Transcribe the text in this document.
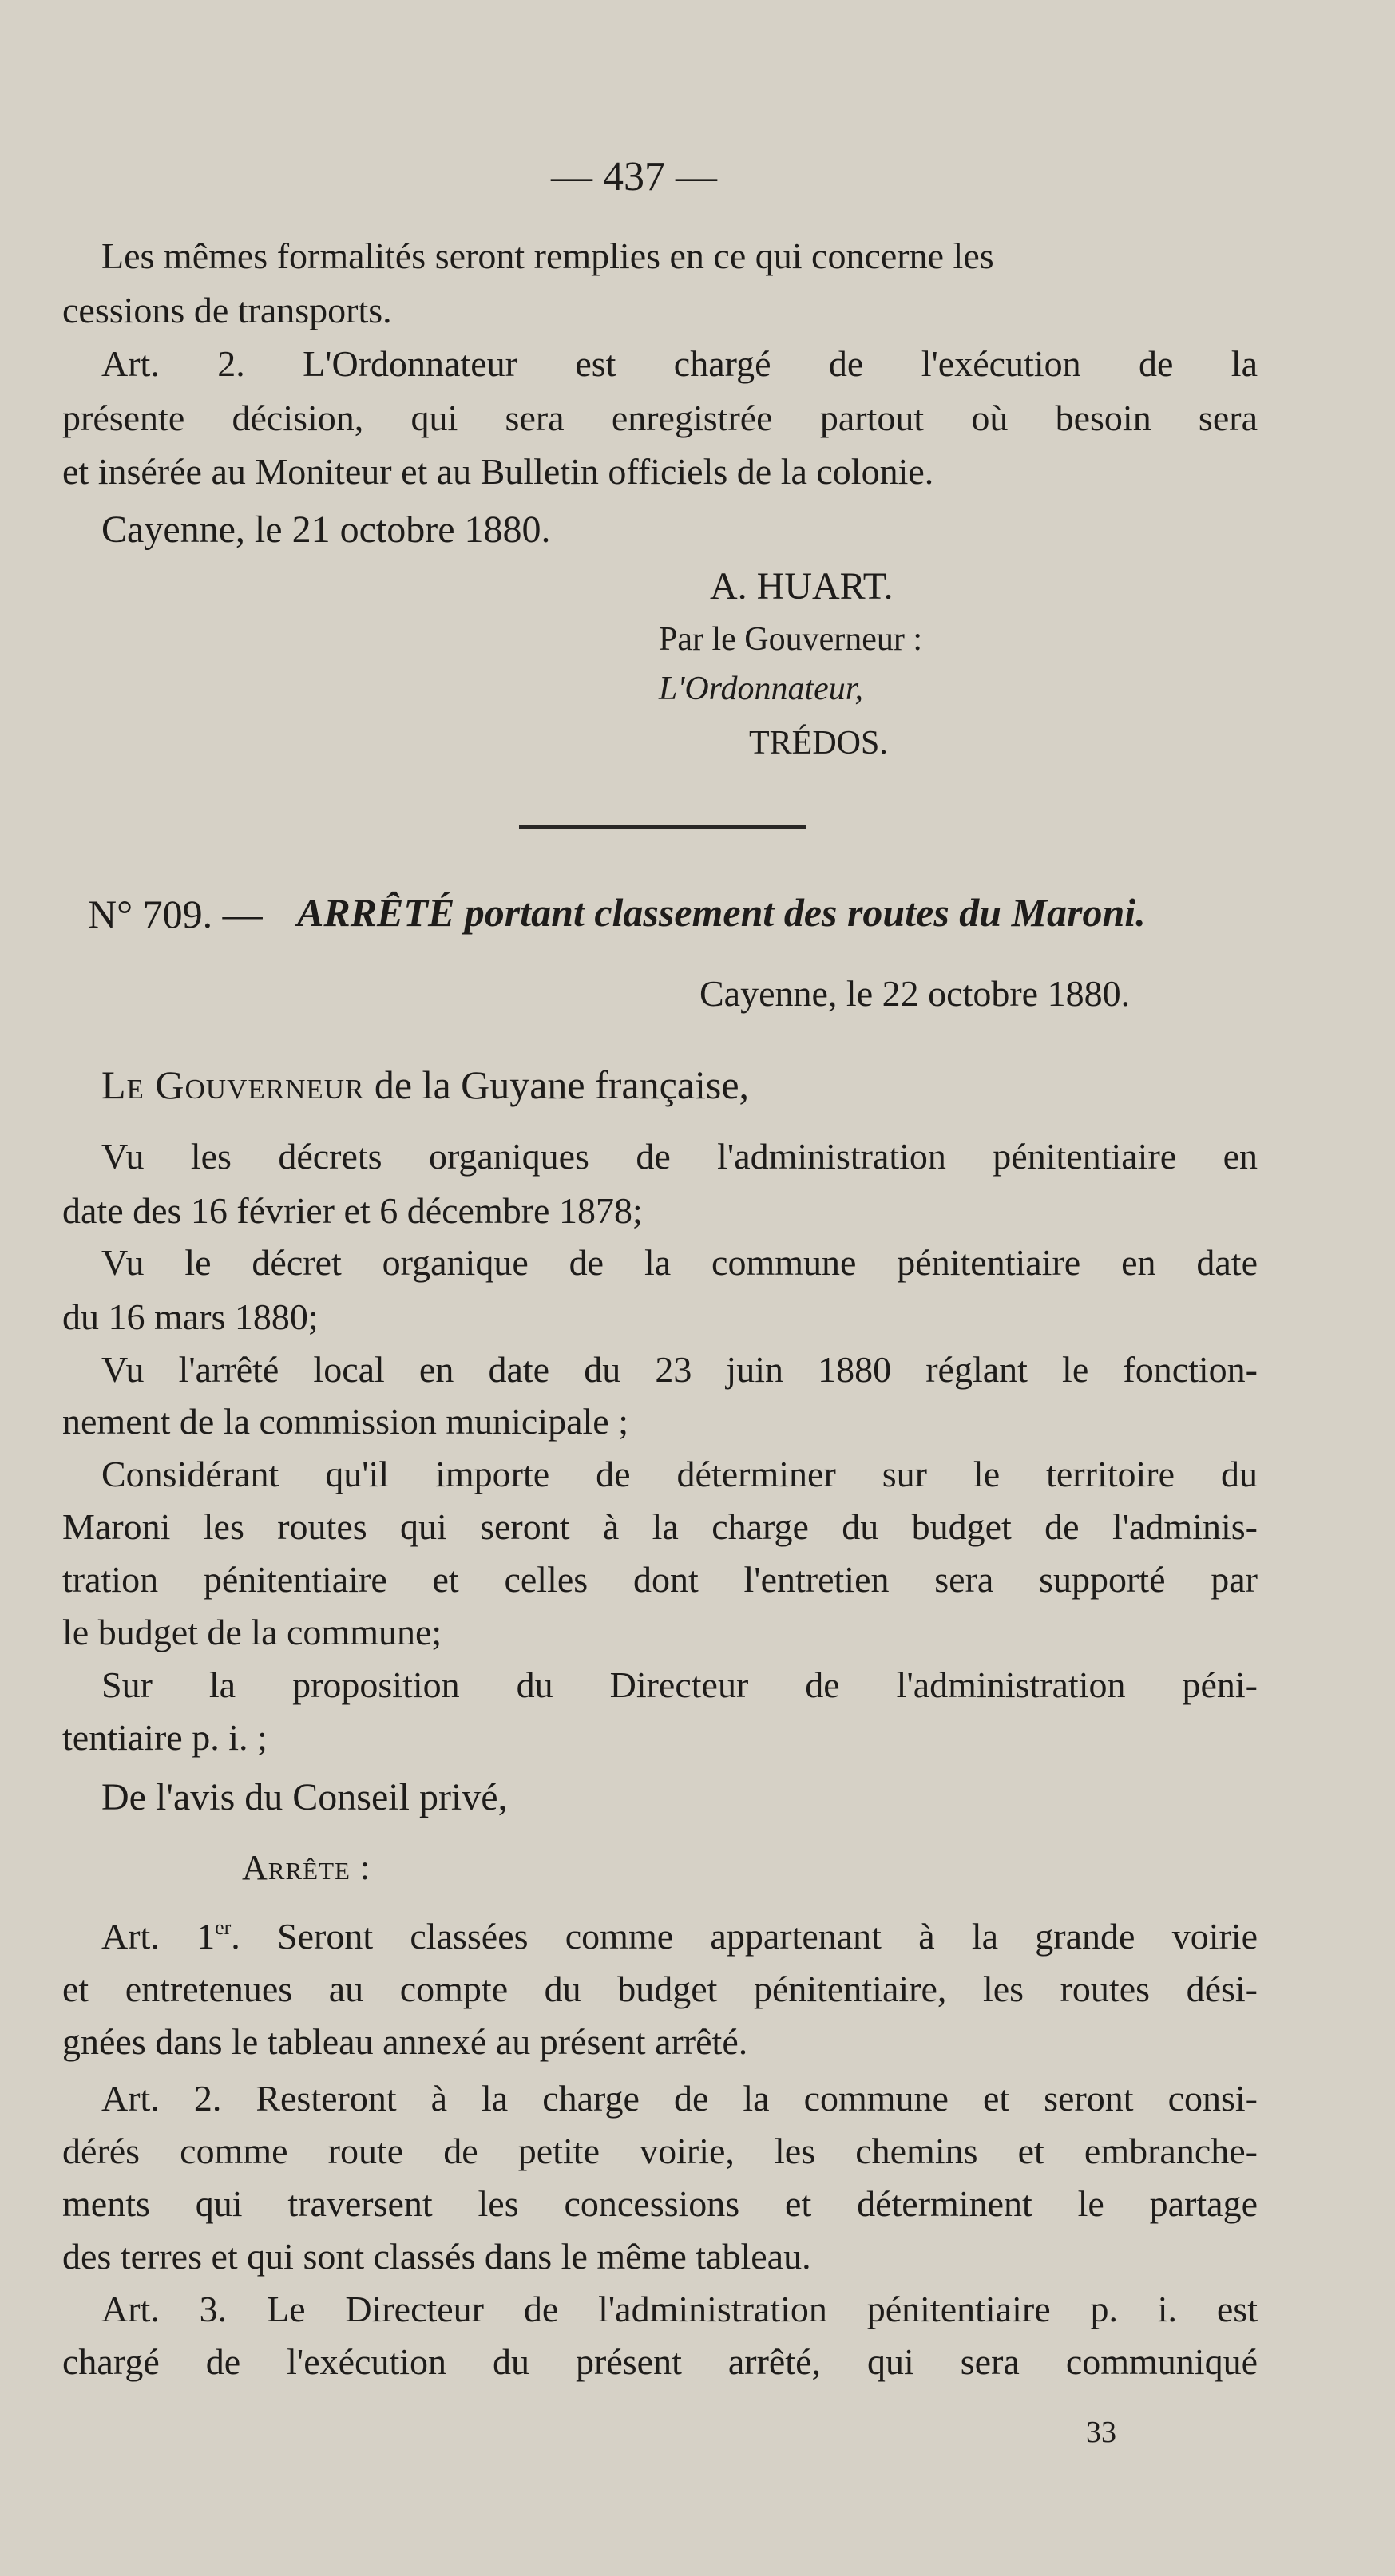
— 437 —
Les mêmes formalités seront remplies en ce qui concerne les
cessions de transports.
Art. 2. L'Ordonnateur est chargé de l'exécution de la
présente décision, qui sera enregistrée partout où besoin sera
et insérée au Moniteur et au Bulletin officiels de la colonie.
Cayenne, le 21 octobre 1880.
A. HUART.
Par le Gouverneur :
L'Ordonnateur,
TRÉDOS.
N° 709. — ARRÊTÉ portant classement des routes du Maroni.
Cayenne, le 22 octobre 1880.
Le Gouverneur de la Guyane française,
Vu les décrets organiques de l'administration pénitentiaire en
date des 16 février et 6 décembre 1878;
Vu le décret organique de la commune pénitentiaire en date
du 16 mars 1880;
Vu l'arrêté local en date du 23 juin 1880 réglant le fonction-
nement de la commission municipale ;
Considérant qu'il importe de déterminer sur le territoire du
Maroni les routes qui seront à la charge du budget de l'adminis-
tration pénitentiaire et celles dont l'entretien sera supporté par
le budget de la commune;
Sur la proposition du Directeur de l'administration péni-
tentiaire p. i. ;
De l'avis du Conseil privé,
Arrête :
Art. 1er. Seront classées comme appartenant à la grande voirie
et entretenues au compte du budget pénitentiaire, les routes dési-
gnées dans le tableau annexé au présent arrêté.
Art. 2. Resteront à la charge de la commune et seront consi-
dérés comme route de petite voirie, les chemins et embranche-
ments qui traversent les concessions et déterminent le partage
des terres et qui sont classés dans le même tableau.
Art. 3. Le Directeur de l'administration pénitentiaire p. i. est
chargé de l'exécution du présent arrêté, qui sera communiqué
33
